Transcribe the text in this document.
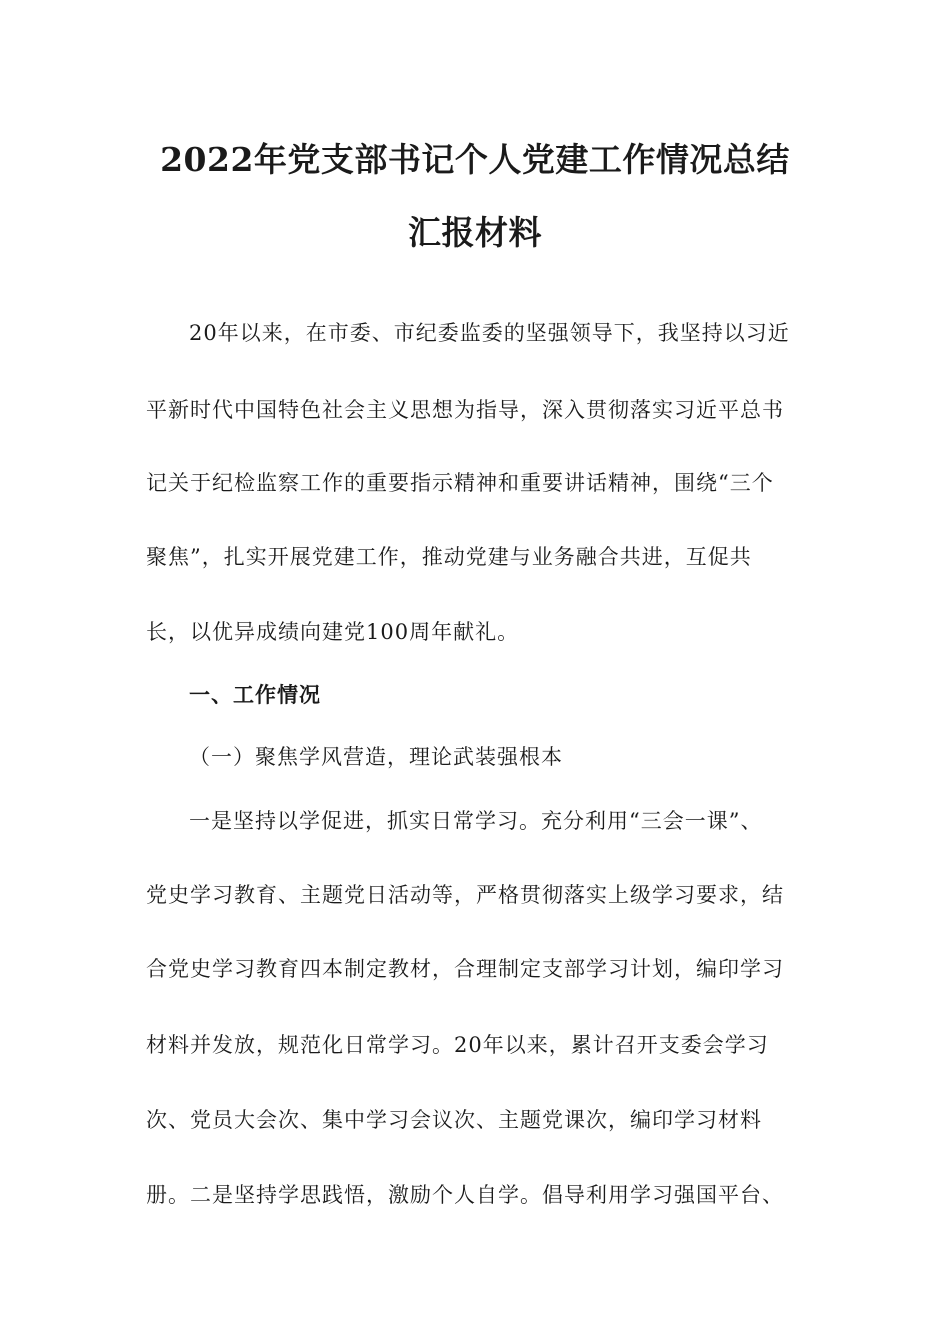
2022年党支部书记个人党建工作情况总结
汇报材料
20年以来，在市委、市纪委监委的坚强领导下，我坚持以习近
平新时代中国特色社会主义思想为指导，深入贯彻落实习近平总书
记关于纪检监察工作的重要指示精神和重要讲话精神，围绕“三个
聚焦”，扎实开展党建工作，推动党建与业务融合共进，互促共
长，以优异成绩向建党100周年献礼。
一、工作情况
（一）聚焦学风营造，理论武装强根本
一是坚持以学促进，抓实日常学习。充分利用“三会一课”、
党史学习教育、主题党日活动等，严格贯彻落实上级学习要求，结
合党史学习教育四本制定教材，合理制定支部学习计划，编印学习
材料并发放，规范化日常学习。20年以来，累计召开支委会学习
次、党员大会次、集中学习会议次、主题党课次，编印学习材料
册。二是坚持学思践悟，激励个人自学。倡导利用学习强国平台、
